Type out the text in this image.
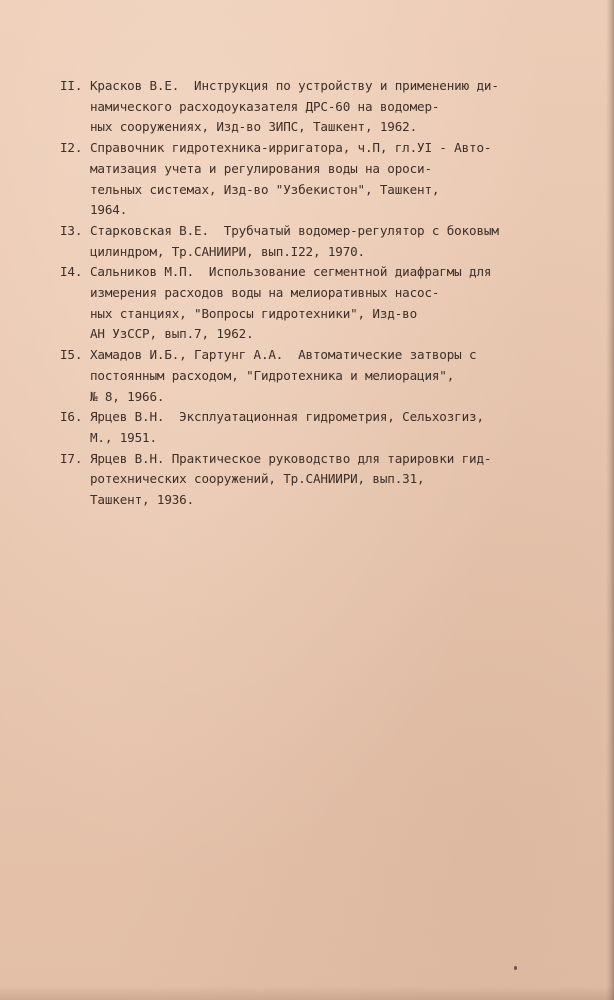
II. Красков В.Е.  Инструкция по устройству и применению ди-
намического расходоуказателя ДРС-60 на водомер-
ных сооружениях, Изд-во ЗИПС, Ташкент, 1962.
I2. Справочник гидротехника-ирригатора, ч.П, гл.УI - Авто-
матизация учета и регулирования воды на ороси-
тельных системах, Изд-во "Узбекистон", Ташкент,
1964.
I3. Старковская В.Е.  Трубчатый водомер-регулятор с боковым
цилиндром, Тр.САНИИРИ, вып.I22, 1970.
I4. Сальников М.П.  Использование сегментной диафрагмы для
измерения расходов воды на мелиоративных насос-
ных станциях, "Вопросы гидротехники", Изд-во
АН УзССР, вып.7, 1962.
I5. Хамадов И.Б., Гартунг А.А.  Автоматические затворы с
постоянным расходом, "Гидротехника и мелиорация",
№ 8, 1966.
I6. Ярцев В.Н.  Эксплуатационная гидрометрия, Сельхозгиз,
М., 1951.
I7. Ярцев В.Н. Практическое руководство для тарировки гид-
ротехнических сооружений, Тр.САНИИРИ, вып.31,
Ташкент, 1936.
